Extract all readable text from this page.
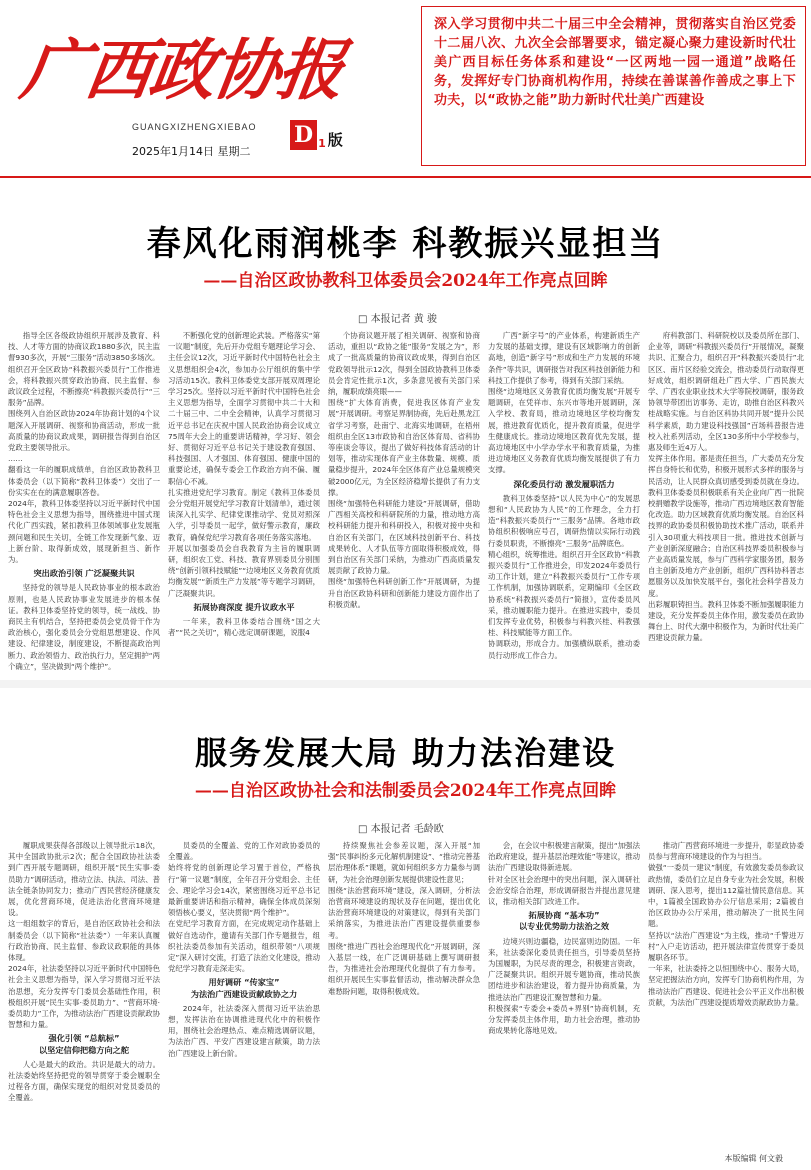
广西政协报
GUANGXIZHENGXIEBAO
2025年1月14日 星期二
D 1 版
深入学习贯彻中共二十届三中全会精神，贯彻落实自治区党委十二届八次、九次全会部署要求，锚定凝心聚力建设新时代壮美广西目标任务体系和建设“一区两地一园一通道”战略任务，发挥好专门协商机构作用，持续在善谋善作善成之事上下功夫，以“政协之能”助力新时代壮美广西建设
春风化雨润桃李 科教振兴显担当
——自治区政协教科卫体委员会2024年工作亮点回眸
□ 本报记者 黄 骏

指导全区各级政协组织开展涉及教育、科技、人才等方面的协商议政1880多次，民主监督930多次，开展“三服务”活动3850多场次。
组织召开全区政协“科教振兴委员行”工作推进会，将科教振兴贯穿政治协商、民主监督、参政议政全过程，不断擦亮“科教振兴委员行”“三服务”品牌。
围绕列入自治区政协2024年协商计划的4个议题深入开展调研、视察和协商活动，形成一批高质量的协商议政成果，调研报告得到自治区党政主要领导批示。
……
翻看这一年的履职成绩单，自治区政协教科卫体委员会（以下简称“教科卫体委”）交出了一份实实在在的满意履职答卷。
2024年，教科卫体委坚持以习近平新时代中国特色社会主义思想为指导，围绕推进中国式现代化广西实践，紧扣教科卫体领域事业发展瓶颈问题和民生关切，全链工作发现新气象、迈上新台阶、取得新成效，展现新担当、新作为。

突出政治引领 广泛凝聚共识

坚持党的领导是人民政协事业的根本政治原则，也是人民政协事业发展进步的根本保证。教科卫体委坚持党的领导，统一战线、协商民主有机结合，坚持把委员会党员骨干作为政治核心，强化委员会分党组思想建设、作风建设、纪律建设，制度建设，不断提高政治判断力、政治领悟力、政治执行力，坚定拥护“两个确立”，坚决做到“两个维护”。

不断强化党的创新理论武装。严格落实“第一议题”制度，先后开办党组专题理论学习会、主任会议12次，习近平新时代中国特色社会主义思想组织会4次，参加办公厅组织的集中学习活动15次。教科卫体委党支部开展双周理论学习25次。坚持以习近平新时代中国特色社会主义思想为指导，全面学习贯彻中共二十大和二十届三中、二中全会精神，认真学习贯彻习近平总书记在庆祝中国人民政治协商会议成立75周年大会上的重要讲话精神，学习好、领会好、贯彻好习近平总书记关于建设教育强国、科技强国、人才强国、体育强国、健康中国的重要论述，确保专委会工作政治方向不偏、履职信心不减。
扎实推进党纪学习教育。制定《教科卫体委员会分党组开展党纪学习教育计划清单》，通过领读深入扎实学、纪律党课推动学、党员对照深入学，引导委员一起学，做好警示教育，廉政教育，确保党纪学习教育各项任务落实落地。
开展以加强委员会自我教育为主旨的履职调研，组织农工党、科技、教育界别委员分别围绕“创新引领科技赋能”“边境地区义务教育优质均衡发展”“新质生产力发展”等专题学习调研，广泛凝聚共识。

拓展协商深度 提升议政水平

一年来，教科卫体委结合围绕“国之大者”“民之关切”，精心选定调研课题，说服4

个协商议题开展了相关调研、视察和协商活动，重担以“政协之能”服务“发展之为”，形成了一批高质量的协商议政成果，得到自治区党政领导批示12次，得到全国政协教科卫体委员会肯定性批示1次，多条意见被有关部门采纳，履职成绩亮眼——
围绕“扩大体育消费，促进我区体育产业发展”开展调研。考察足界制协商，先后赴黑龙江省学习考察，赴南宁、北海实地调研，在梧州组织由全区13市政协和自治区体育局、省科协等座谈会等议，提出了做好科技体育活动的计划等，推动实现体育产业主体数量、规模、质量稳步提升，2024年全区体育产业总量规模突破2000亿元，为全区经济稳增长提供了有力支撑。
围绕“加强特色科研能力建设”开展调研，借助广西相关高校和科研院所的力量，推动地方高校科研能力提升和科研投入，积极对接中央和自治区有关部门，在区域科技创新平台、科技成果转化、人才队伍等方面取得积极成效，得到自治区有关部门采纳，为推动广西高质量发展贡献了政协力量。
围绕“加强特色科研创新工作”开展调研，为提升自治区政协科研和创新能力建设方面作出了积极贡献。

广西“新字号”的产业体系，构建新质生产力发展的基础支撑，建设有区域影响力的创新高地，创造“新字号”形成和生产力发展的环境条件”等共识，调研报告对我区科技创新能力和科技工作提供了参考，得到有关部门采纳。
围绕“边境地区义务教育优质均衡发展”开展专题调研，在凭祥市、东兴市等地开展调研，深入学校、教育局，推动边境地区学校均衡发展，推进教育优质化，提升教育质量，促进学生健康成长。推动边境地区教育优先发展，提高边境地区中小学办学水平和教育质量，为推进边境地区义务教育优质均衡发展提供了有力支撑。

深化委员行动 激发履职活力

教科卫体委坚持“以人民为中心”的发展思想和“人民政协为人民”的工作理念，全力打造“科教振兴委员行”“三服务”品牌。各地市政协组织积极响应号召，调研热情以实际行动践行委员职责，不断擦亮“三服务”品牌底色。
精心组织，统筹推进。组织召开全区政协“科教振兴委员行”工作推进会，印发2024年委员行动工作计划，建立“科教振兴委员行”工作专项工作机制，加强协调联系，定期编印《全区政协系统“科教振兴委员行”简报》，宣传委员风采，推动履职能力提升。在推进实践中，委员们发挥专业优势，积极参与科教兴桂、科教强桂、科技赋能等方面工作。
协调联动，形成合力。加强横纵联系，推动委员行动形成工作合力。

府科教部门、科研院校以及委员所在部门、企业等，调研“科教振兴委员行”开展情况，凝聚共识、汇聚合力，组织召开“科教振兴委员行”北区区、南片区经验交流会，推动委员行动取得更好成效，组织调研组赴广西大学、广西民族大学、广西农业职业技术大学等院校调研，服务政协领导带团出访事务、走访，助推自治区科教兴桂战略实施。与自治区科协共同开展“提升公民科学素质，助力建设科技强国”百场科普报告进校入社系列活动，全区130多所中小学校参与，惠及师生近4万人。
发挥主体作用。都是责任担当，广大委员充分发挥自身特长和优势，积极开展形式多样的服务与民活动，让人民群众真切感受到委员就在身边。教科卫体委委员积极联系有关企业向广西一批院校捐赠教学设施等，推动广西边境地区教育智能化改造。助力区域教育优质均衡发展。自治区科技界的政协委员积极协助技术推广活动，联系并引入30项重大科技项目一批。推进技术创新与产业创新深度融合；自治区科技界委员积极参与产业高质量发展，参与广西科学家服务团，服务自主创新及地方产业创新，组织广西科协科普志愿服务以及加快发展平台，强化社会科学普及力度。
出彩履职铸担当。教科卫体委不断加强履职能力建设，充分发挥委员主体作用，激发委员在政协舞台上、时代大潮中积极作为，为新时代壮美广西建设贡献力量。

服务发展大局 助力法治建设
——自治区政协社会和法制委员会2024年工作亮点回眸
□ 本报记者 毛龄欧

履职成果获得各部级以上领导批示18次，其中全国政协批示2次；配合全国政协社法委到广西开展专题调研，组织开展“民生实事·委员助力”调研活动，推动立法、执法、司法、普法全链条协同发力；推动广西民营经济健康发展，优化营商环境，促进法治化营商环境建设。
这一组组数字的背后，是自治区政协社会和法制委员会（以下简称“社法委”）一年来认真履行政治协商、民主监督、参政议政职能的具体体现。
2024年，社法委坚持以习近平新时代中国特色社会主义思想为指导，深入学习贯彻习近平法治思想，充分发挥专门委员会基础性作用，积极组织开展“民生实事·委员助力”、“营商环境·委员助力”工作，为推动法治广西建设贡献政协智慧和力量。

强化引领 “总航标”
以坚定信仰把稳方向之舵

人心是最大的政治。共识是最大的动力。社法委始终坚持把党的领导贯穿于委会履职全过程各方面，确保实现党的组织对党员委员的全覆盖。

员委员的全覆盖、党的工作对政协委员的全覆盖。
始终将党的创新理论学习置于首位，严格执行“第一议题”制度，全年召开分党组会、主任会、理论学习会14次，紧密围绕习近平总书记最新重要讲话和指示精神，确保全体成员深刻领悟核心要义，坚决贯彻“两个维护”。
在党纪学习教育方面，在完成规定动作基础上做好自选动作，邀请有关部门作专题报告，组织社法委员参加有关活动，组织带领“八项规定”深入研讨交流，打造了法治文化建设，推动党纪学习教育走深走实。

用好调研 “传家宝”
为法治广西建设贡献政协之力

2024年，社法委深入贯彻习近平法治思想，发挥法治在协调推进现代化中的积极作用，围绕社会治理热点、难点精选调研议题，为法治广西、平安广西建设建言献策，助力法治广西建设上新台阶。

持续聚焦社会参差议题，深入开展“加强”民事纠纷多元化解机制建设”、“推动完善基层治理体系”课题，就如何组织多方力量参与调研，为社会治理创新发展提供建设性意见；
围绕“法治营商环境”建设，深入调研，分析法治营商环境建设的现状及存在问题，提出优化法治营商环境建设的对策建议，得到有关部门采纳落实，为推进法治广西建设提供重要参考。
围绕“推进广西社会治理现代化”开展调研，深入基层一线，在广泛调研基础上撰写调研报告，为推进社会治理现代化提供了有力参考。组织开展民生实事监督活动，推动解决群众急难愁盼问题，取得积极成效。

会，在会议中积极建言献策，提出“加强法治政府建设，提升基层治理效能”等建议，推动法治广西建设取得新进展。
针对全区社会治理中的突出问题，深入调研社会治安综合治理，形成调研报告并提出意见建议，推动相关部门改进工作。

拓展协商 “基本功”
以专业优势助力法治之效

边境兴则边疆稳，边民富则边防固。一年来，社法委深化委员责任担当，引导委员坚持为国履职，为民尽责的理念，积极建言资政，广泛凝聚共识。组织开展专题协商，推动民族团结进步和法治建设，着力提升协商质量，为推进法治广西建设汇聚智慧和力量。
积极探索“专委会+委员+界别”协商机制，充分发挥委员主体作用，助力社会治理，推动协商成果转化落地见效。

推动广西营商环境进一步提升，彰显政协委员参与营商环境建设的作为与担当。
做强“一委员一建议”制度，有效激发委员参政议政热情，委员们立足自身专业为社会发展，积极调研、深入思考，提出112篇社情民意信息。其中，1篇被全国政协办公厅信息采用；2篇被自治区政协办公厅采用，推动解决了一批民生问题。
坚持以“法治广西建设”为主线，推动“千警进万村”入户走访活动，把开展法律宣传贯穿于委员履职各环节。
一年来，社法委持之以恒围绕中心、服务大局，坚定把握法治方向，发挥专门协商机构作用，为推动法治广西建设、促进社会公平正义作出积极贡献，为法治广西建设提质增效贡献政协力量。

本版编辑 何文毅
